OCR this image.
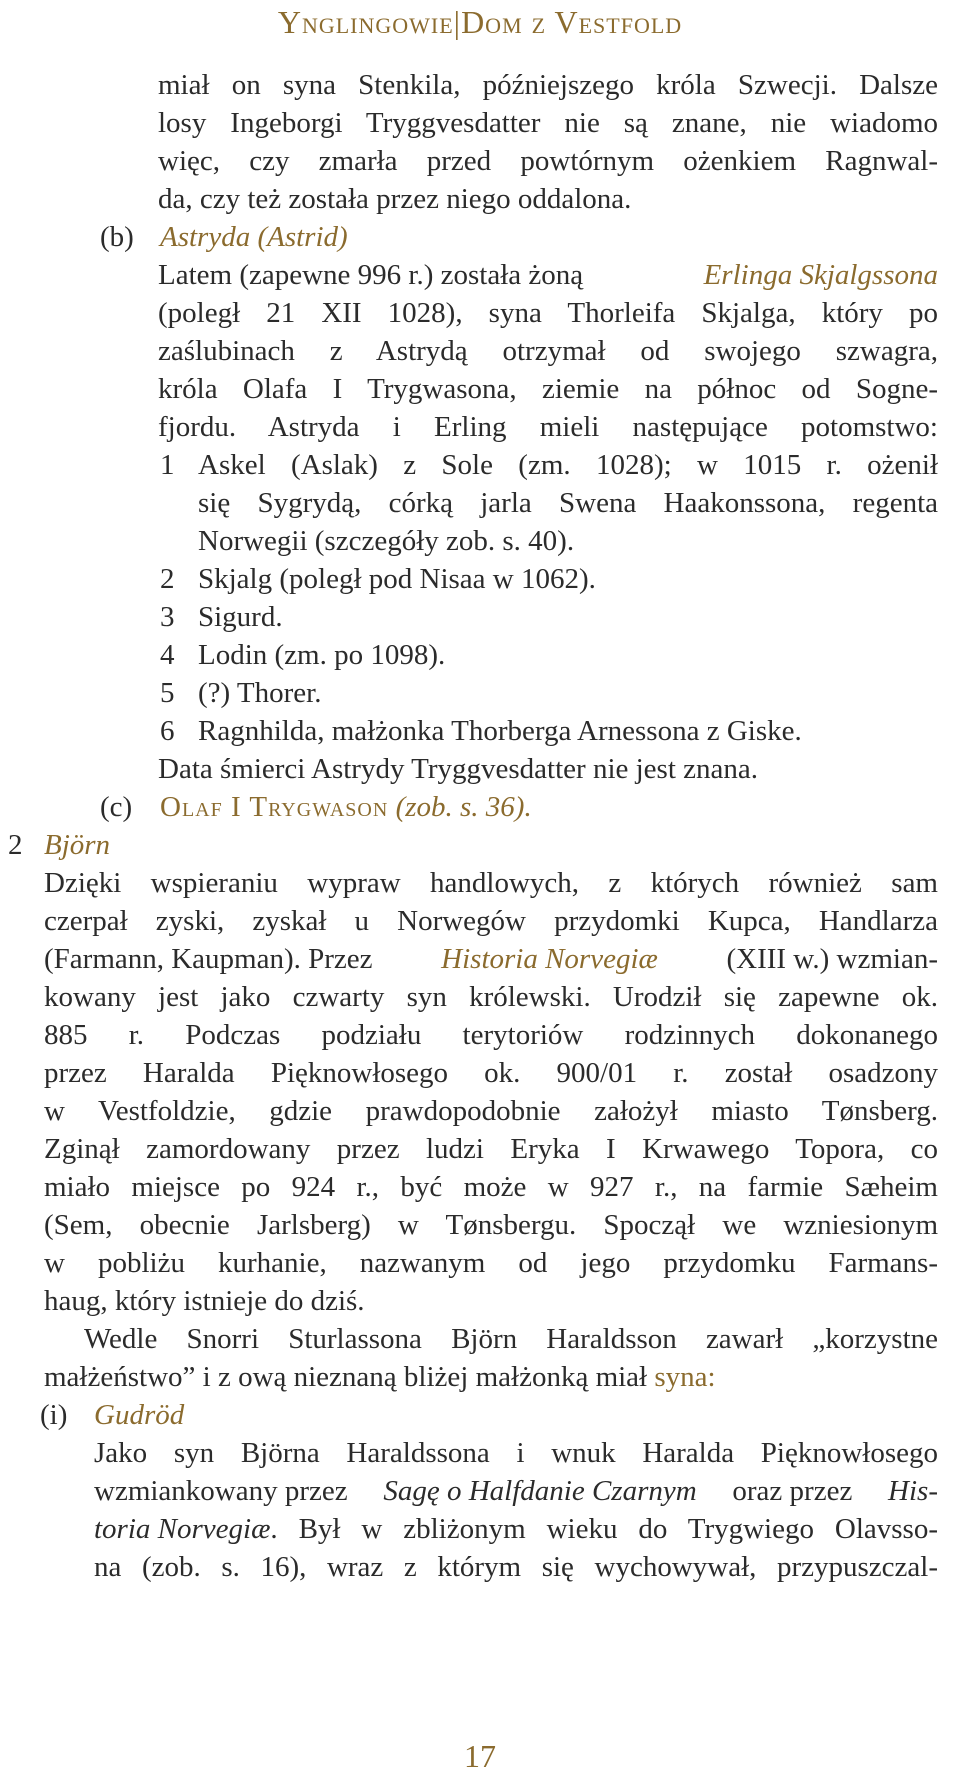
Ynglingowie|Dom z Vestfold
miał on syna Stenkila, późniejszego króla Szwecji. Dalsze
losy Ingeborgi Tryggvesdatter nie są znane, nie wiadomo
więc, czy zmarła przed powtórnym ożenkiem Ragnwal-
da, czy też została przez niego oddalona.
(b) Astryda (Astrid)
Latem (zapewne 996 r.) została żoną	Erlinga Skjalgssona
(poległ 21 XII 1028), syna Thorleifa Skjalga, który po
zaślubinach z Astrydą otrzymał od swojego szwagra,
króla Olafa I Trygwasona, ziemie na północ od Sogne-
fjordu. Astryda i Erling mieli następujące potomstwo:
1 Askel (Aslak) z Sole (zm. 1028); w 1015 r. ożenił
się Sygrydą, córką jarla Swena Haakonssona, regenta
Norwegii (szczegóły zob. s. 40).
2 Skjalg (poległ pod Nisaa w 1062).
3 Sigurd.
4 Lodin (zm. po 1098).
5 (?) Thorer.
6 Ragnhilda, małżonka Thorberga Arnessona z Giske.
Data śmierci Astrydy Tryggvesdatter nie jest znana.
(c) Olaf I Trygwason (zob. s. 36).
2 Björn
Dzięki wspieraniu wypraw handlowych, z których również sam
czerpał zyski, zyskał u Norwegów przydomki Kupca, Handlarza
(Farmann, Kaupman). Przez Historia Norvegiæ (XIII w.) wzmian-
kowany jest jako czwarty syn królewski. Urodził się zapewne ok.
885 r. Podczas podziału terytoriów rodzinnych dokonanego
przez Haralda Pięknowłosego ok. 900/01 r. został osadzony
w Vestfoldzie, gdzie prawdopodobnie założył miasto Tønsberg.
Zginął zamordowany przez ludzi Eryka I Krwawego Topora, co
miało miejsce po 924 r., być może w 927 r., na farmie Sæheim
(Sem, obecnie Jarlsberg) w Tønsbergu. Spoczął we wzniesionym
w pobliżu kurhanie, nazwanym od jego przydomku Farmans-
haug, który istnieje do dziś.
Wedle Snorri Sturlassona Björn Haraldsson zawarł „korzystne
małżeństwo” i z ową nieznaną bliżej małżonką miał syna:
(i) Gudröd
Jako syn Björna Haraldssona i wnuk Haralda Pięknowłosego
wzmiankowany przez Sagę o Halfdanie Czarnym oraz przez His-
toria Norvegiæ . Był w zbliżonym wieku do Trygwiego Olavsso-
na (zob. s. 16), wraz z którym się wychowywał, przypuszczal-
17
